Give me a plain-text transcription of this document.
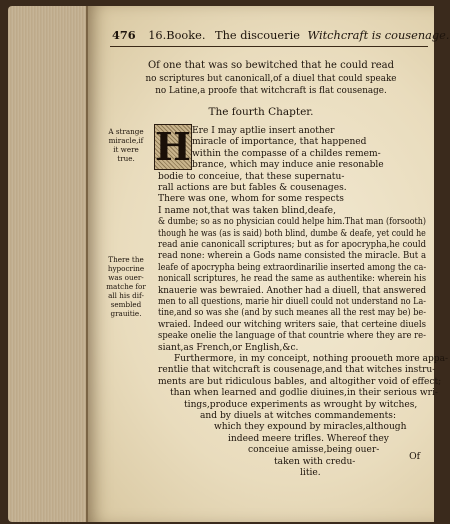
476 16.Booke. The discouerie Witchcraft is cousenage.
Of one that was so bewitched that he could read
no scriptures but canonicall,of a diuel that could speake
no Latine,a proofe that witchcraft is flat cousenage.
The fourth Chapter.
A strange
miracle,if
it were
true.
There the
hypocrine
was ouer-
matche for
all his dif-
sembled
grauitie.
H Ere I may aptlie insert another
miracle of importance, that happened
within the compasse of a childes remem-
brance, which may induce anie resonable
bodie to conceiue, that these supernatu-
rall actions are but fables & cousenages.
There was one, whom for some respects
I name not,that was taken blind,deafe,
& dumbe; so as no physician could helpe him.That man (forsooth)
though he was (as is said) both blind, dumbe & deafe, yet could he
read anie canonicall scriptures; but as for apocrypha,he could
read none: wherein a Gods name consisted the miracle. But a
leafe of apocrypha being extraordinarilie inserted among the ca-
nonicall scriptures, he read the same as authentike: wherein his
knauerie was bewraied. Another had a diuell, that answered
men to all questions, marie hir diuell could not understand no La-
tine,and so was she (and by such meanes all the rest may be) be-
wraied. Indeed our witching writers saie, that certeine diuels
speake onelie the language of that countrie where they are re-
siant,as French,or English,&c.
Furthermore, in my conceipt, nothing prooueth more appa-
rentlie that witchcraft is cousenage,and that witches instru-
ments are but ridiculous bables, and altogither void of effect;
than when learned and godlie diuines,in their serious wri-
tings,produce experiments as wrought by witches,
and by diuels at witches commandements:
which they expound by miracles,although
indeed meere trifles. Whereof they
conceiue amisse,being ouer-
taken with credu-
litie.
Of
